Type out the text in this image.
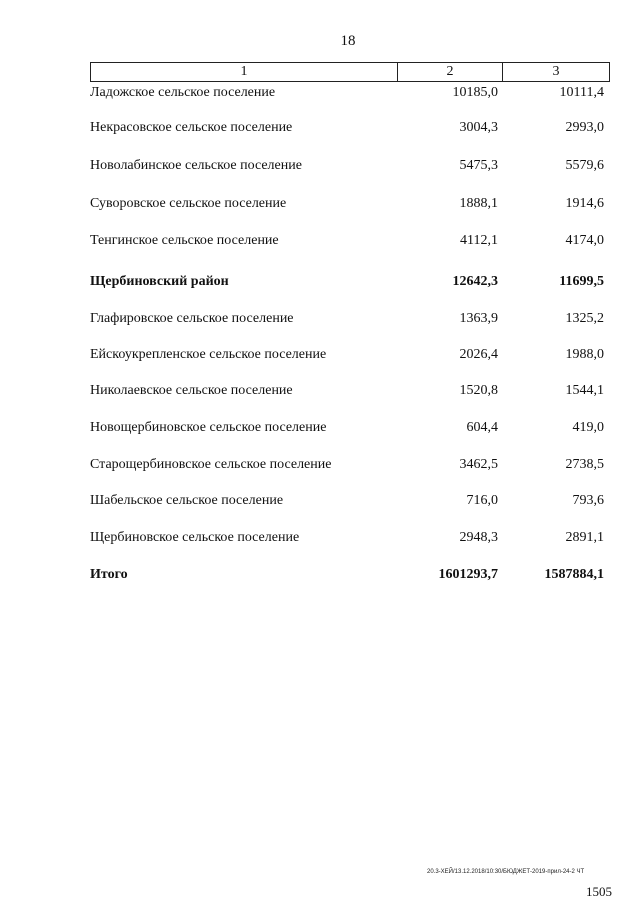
18
1	2	3
Ладожское сельское поселение	10185,0	10111,4
Некрасовское сельское поселение	3004,3	2993,0
Новолабинское сельское поселение	5475,3	5579,6
Суворовское сельское поселение	1888,1	1914,6
Тенгинское сельское поселение	4112,1	4174,0
Щербиновский район	12642,3	11699,5
Глафировское сельское поселение	1363,9	1325,2
Ейскоукрепленское сельское поселение	2026,4	1988,0
Николаевское сельское поселение	1520,8	1544,1
Новощербиновское сельское поселение	604,4	419,0
Старощербиновское сельское поселение	3462,5	2738,5
Шабельское сельское поселение	716,0	793,6
Щербиновское сельское поселение	2948,3	2891,1
Итого	1601293,7	1587884,1
20.3-ХЕЙ/13.12.2018/10:30/БЮДЖЕТ-2019-прил-24-2 ЧТ
1505
